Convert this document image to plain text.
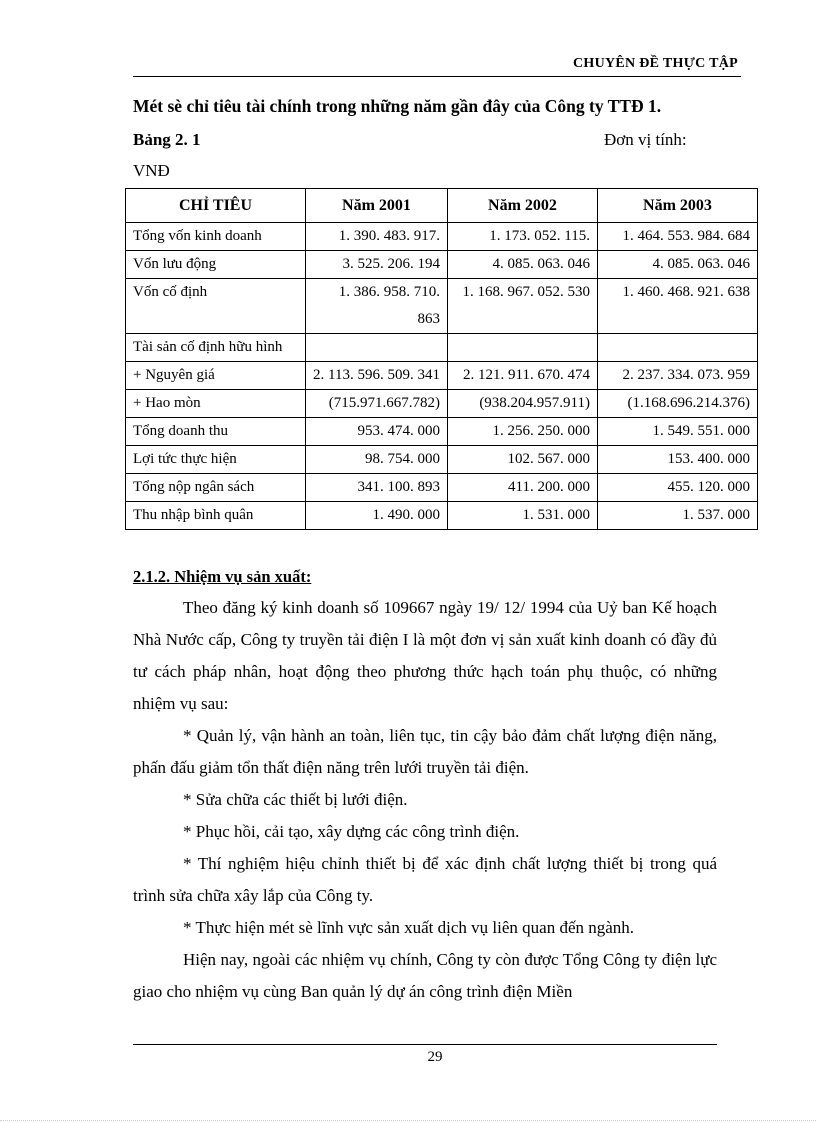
CHUYÊN ĐỀ THỰC TẬP
Mét sè chỉ tiêu tài chính trong những năm gần đây của Công ty TTĐ 1.
Bảng 2. 1	Đơn vị tính:
VNĐ
CHỈ TIÊU	Năm 2001	Năm 2002	Năm 2003
Tổng vốn kinh doanh	1. 390. 483. 917.	1. 173. 052. 115.	1. 464. 553. 984. 684
Vốn lưu động	3. 525. 206. 194	4. 085. 063. 046	4. 085. 063. 046
Vốn cố định	1. 386. 958. 710. 863	1. 168. 967. 052. 530	1. 460. 468. 921. 638
Tài sản cố định hữu hình			
+ Nguyên giá	2. 113. 596. 509. 341	2. 121. 911. 670. 474	2. 237. 334. 073. 959
+ Hao mòn	(715.971.667.782)	(938.204.957.911)	(1.168.696.214.376)
Tổng doanh thu	953. 474. 000	1. 256. 250. 000	1. 549. 551. 000
Lợi tức thực hiện	98. 754. 000	102. 567. 000	153. 400. 000
Tổng nộp ngân sách	341. 100. 893	411. 200. 000	455. 120. 000
Thu nhập bình quân	1. 490. 000	1. 531. 000	1. 537. 000
2.1.2. Nhiệm vụ sản xuất:

Theo đăng ký kinh doanh số 109667 ngày 19/ 12/ 1994 của Uỷ ban Kế hoạch Nhà Nước cấp, Công ty truyền tải điện I là một đơn vị sản xuất kinh doanh có đầy đủ tư cách pháp nhân, hoạt động theo phương thức hạch toán phụ thuộc, có những nhiệm vụ sau:

* Quản lý, vận hành an toàn, liên tục, tin cậy bảo đảm chất lượng điện năng, phấn đấu giảm tổn thất điện năng trên lưới truyền tải điện.

* Sửa chữa các thiết bị lưới điện.

* Phục hồi, cải tạo, xây dựng các công trình điện.

* Thí nghiệm hiệu chỉnh thiết bị để xác định chất lượng thiết bị trong quá trình sửa chữa xây lắp của Công ty.

* Thực hiện mét sè lĩnh vực sản xuất dịch vụ liên quan đến ngành.

Hiện nay, ngoài các nhiệm vụ chính, Công ty còn được Tổng Công ty điện lực giao cho nhiệm vụ cùng Ban quản lý dự án công trình điện Miền

29
